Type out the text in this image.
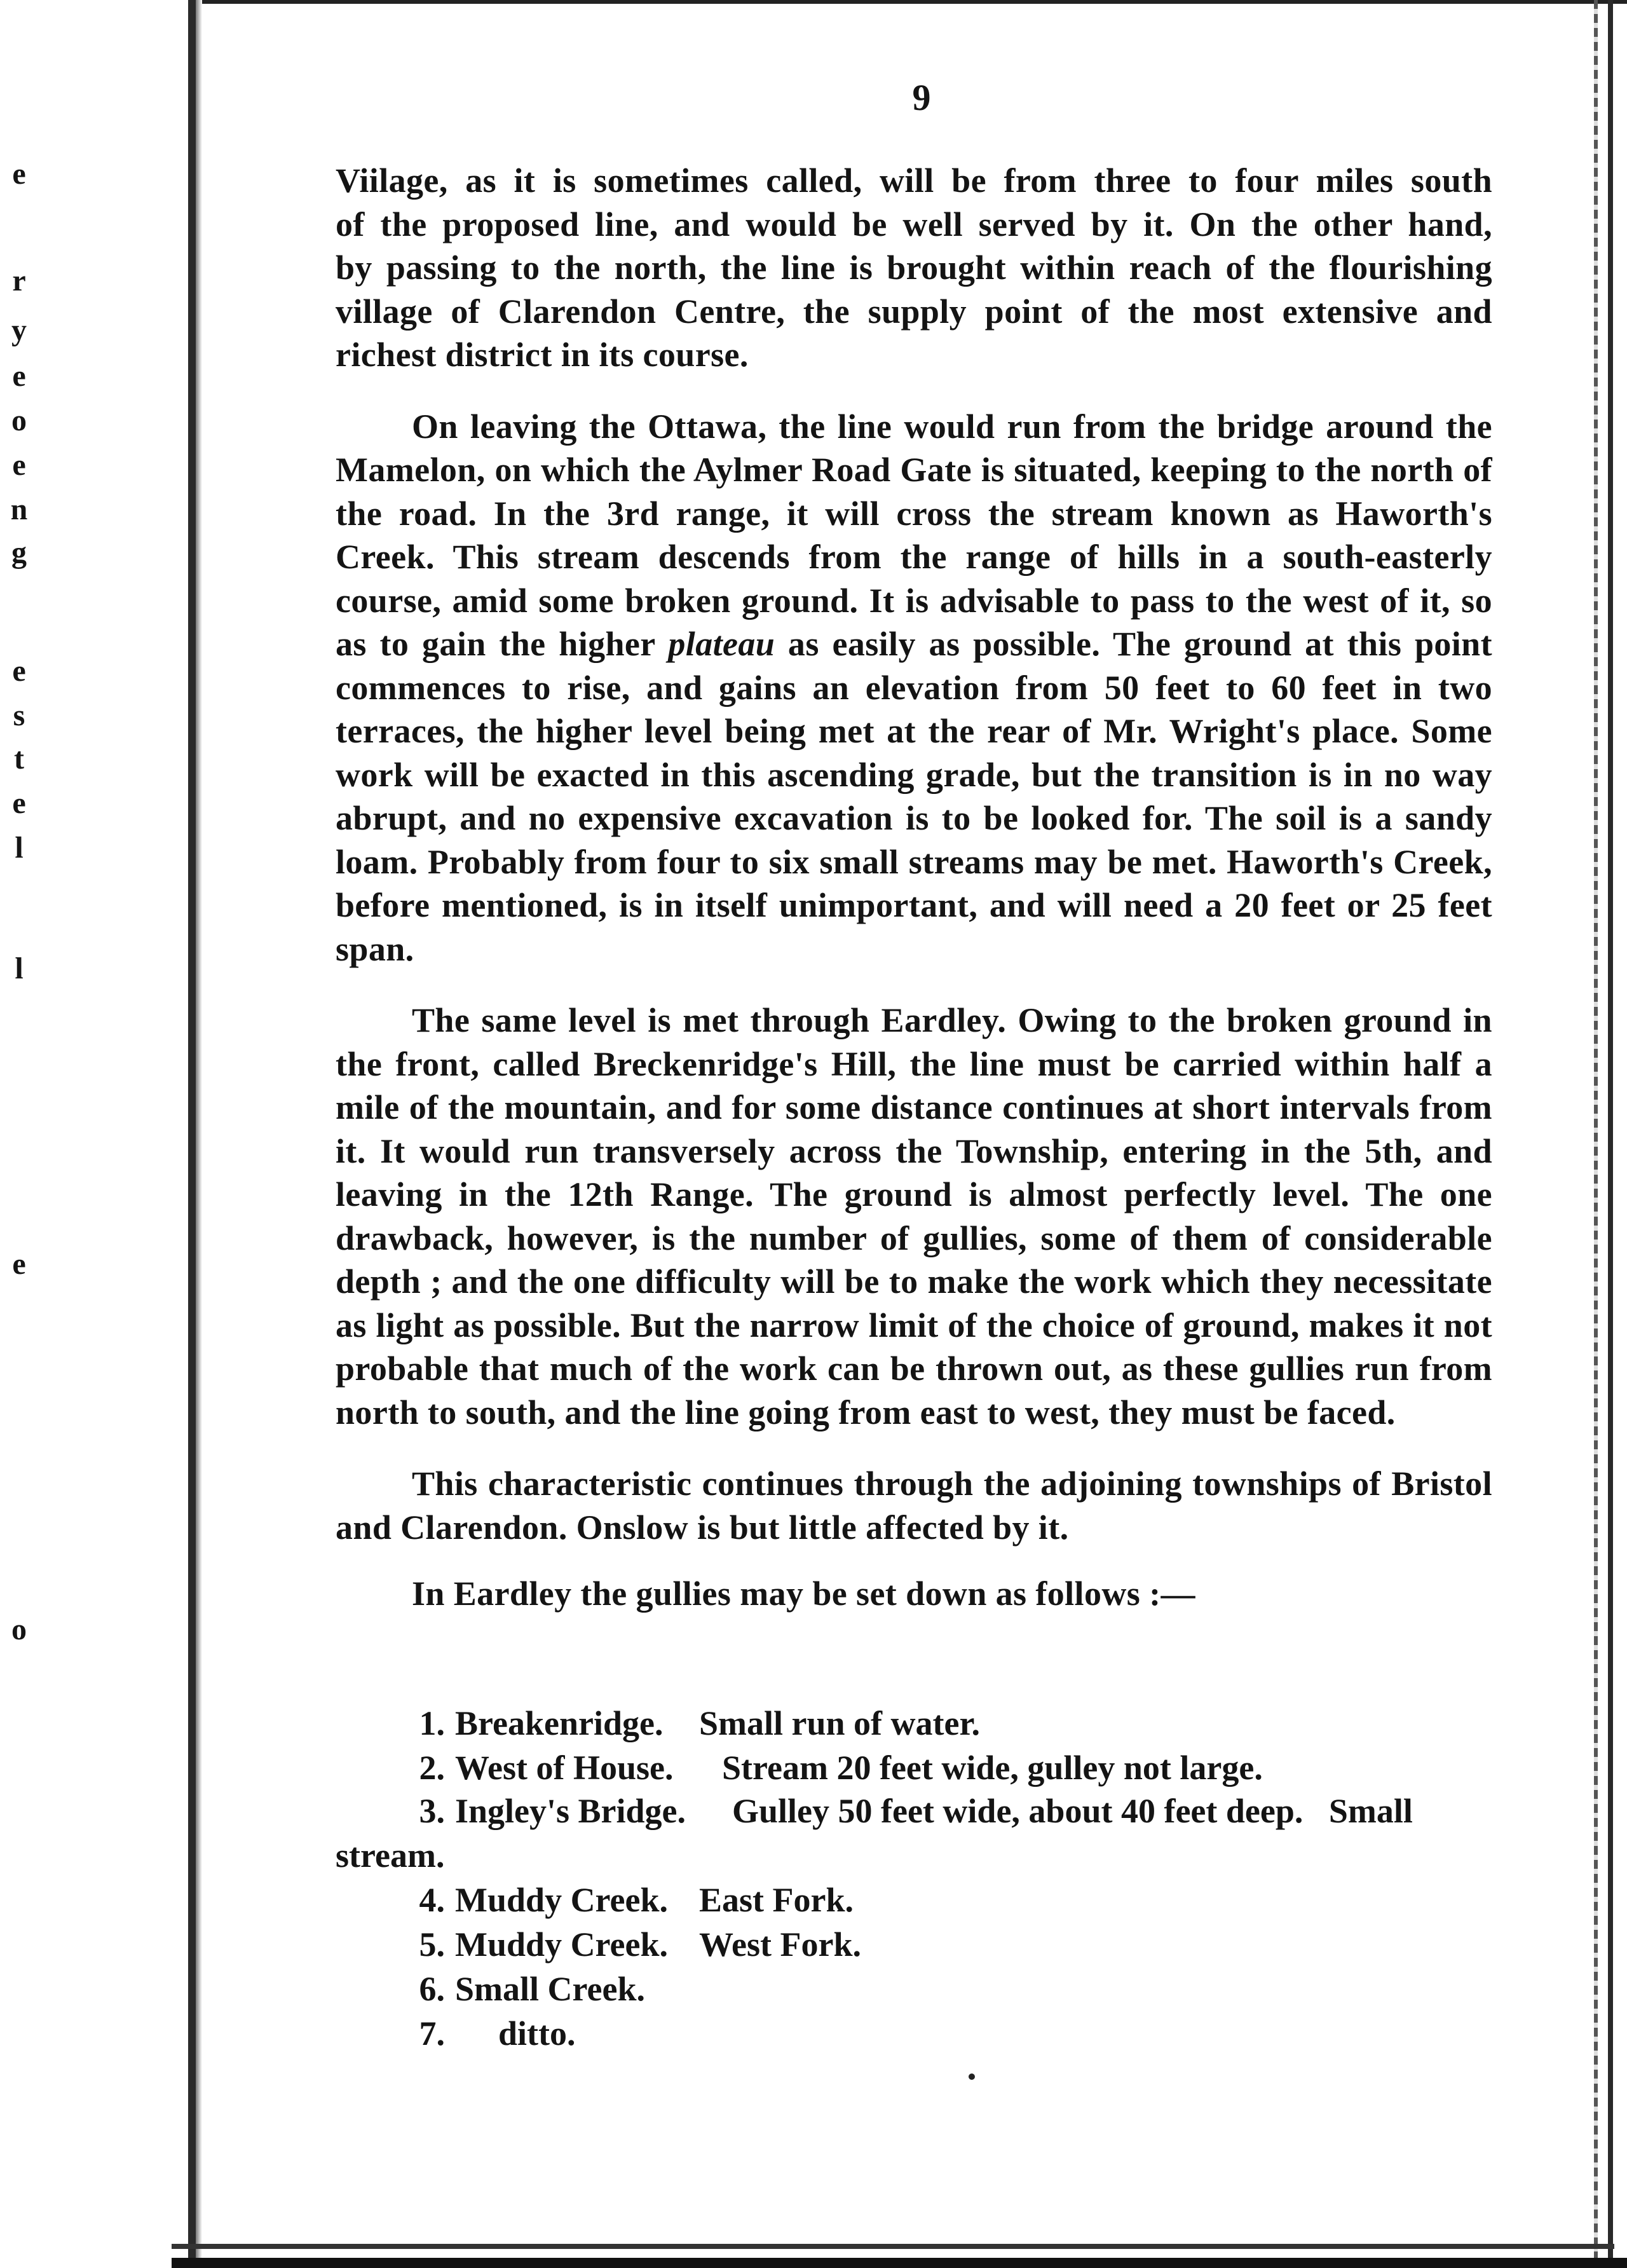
e
r
y
e
o
e
n
g
e
s
t
e
l
l
e
o
9

Viilage, as it is sometimes called, will be from three to four miles south

of the proposed line, and would be well served by it. On the other hand,

by passing to the north, the line is brought within reach of the flourishing

village of Clarendon Centre, the supply point of the most extensive and

richest district in its course.

On leaving the Ottawa, the line would run from the bridge around the Mamelon, on which the Aylmer Road Gate is situated, keeping to the north of the road. In the 3rd range, it will cross the stream known as Haworth's Creek. This stream descends from the range of hills in a south-easterly course, amid some broken ground. It is advisable to pass to the west of it, so as to gain the higher plateau as easily as possible. The ground at this point commences to rise, and gains an elevation from 50 feet to 60 feet in two terraces, the higher level being met at the rear of Mr. Wright's place. Some work will be exacted in this ascending grade, but the transition is in no way abrupt, and no expensive excavation is to be looked for. The soil is a sandy loam. Probably from four to six small streams may be met. Haworth's Creek, before mentioned, is in itself unimportant, and will need a 20 feet or 25 feet span.

The same level is met through Eardley. Owing to the broken ground in the front, called Breckenridge's Hill, the line must be carried within half a mile of the mountain, and for some distance continues at short intervals from it. It would run transversely across the Township, entering in the 5th, and leaving in the 12th Range. The ground is almost perfectly level. The one drawback, however, is the number of gullies, some of them of considerable depth ; and the one difficulty will be to make the work which they necessitate as light as possible. But the narrow limit of the choice of ground, makes it not probable that much of the work can be thrown out, as these gullies run from north to south, and the line going from east to west, they must be faced.

This characteristic continues through the adjoining townships of Bristol and Clarendon. Onslow is but little affected by it.

In Eardley the gullies may be set down as follows :—

1. Breakenridge. Small run of water.
2. West of House. Stream 20 feet wide, gulley not large.
3. Ingley's Bridge. Gulley 50 feet wide, about 40 feet deep.   Small
stream.
4. Muddy Creek. East Fork.
5. Muddy Creek. West Fork.
6. Small Creek.
7. ditto.
